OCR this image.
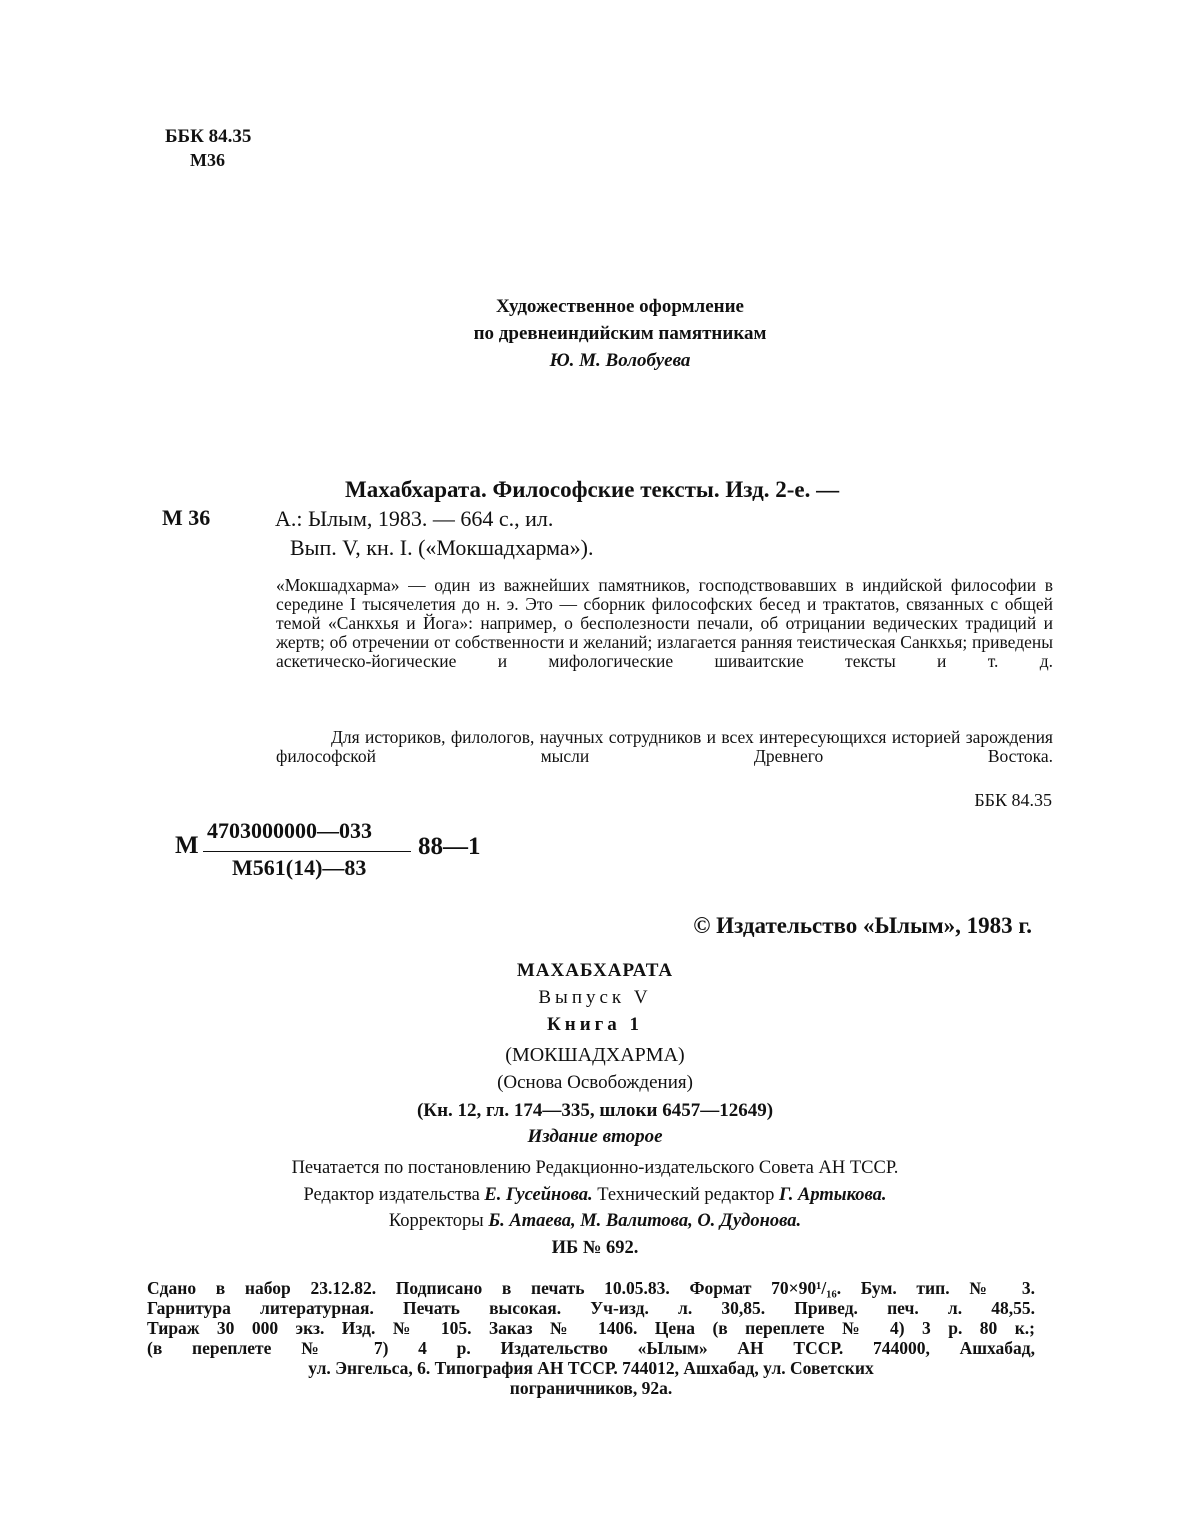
ББК 84.35
М36
Художественное оформление
по древнеиндийским памятникам
Ю. М. Волобуева
М 36
Махабхарата. Философские тексты. Изд. 2-е. —
А.: Ылым, 1983. — 664 с., ил.
Вып. V, кн. I. («Мокшадхарма»).

«Мокшадхарма» — один из важнейших памятников, господствовавших в индийской философии в середине I тысячелетия до н. э. Это — сборник философских бесед и трактатов, связанных с общей темой «Санкхья и Йога»: например, о бесполезности печали, об отрицании ведических традиций и жертв; об отречении от собственности и желаний; излагается ранняя теистическая Санкхья; приведены аскетическо-йогические и мифологические шиваитские тексты и т. д.

Для историков, филологов, научных сотрудников и всех интересующихся историей зарождения философской мысли Древнего Востока.

ББК 84.35
М
4703000000—033
М561(14)—83
88—1
© Издательство «Ылым», 1983 г.
МАХАБХАРАТА
Выпуск V
Книга 1
(МОКШАДХАРМА)
(Основа Освобождения)
(Кн. 12, гл. 174—335, шлоки 6457—12649)
Издание второе
Печатается по постановлению Редакционно-издательского Совета АН ТССР.
Редактор издательства Е. Гусейнова. Технический редактор Г. Артыкова.
Корректоры Б. Атаева, М. Валитова, О. Дудонова.
ИБ № 692.
Сдано в набор 23.12.82. Подписано в печать 10.05.83. Формат 70×90¹/₁₆. Бум. тип. № 3.
Гарнитура литературная. Печать высокая. Уч-изд. л. 30,85. Привед. печ. л. 48,55.
Тираж 30 000 экз. Изд. № 105. Заказ № 1406. Цена (в переплете № 4) 3 р. 80 к.;
(в переплете № 7) 4 р. Издательство «Ылым» АН ТССР. 744000, Ашхабад,
ул. Энгельса, 6. Типография АН ТССР. 744012, Ашхабад, ул. Советских
пограничников, 92а.
